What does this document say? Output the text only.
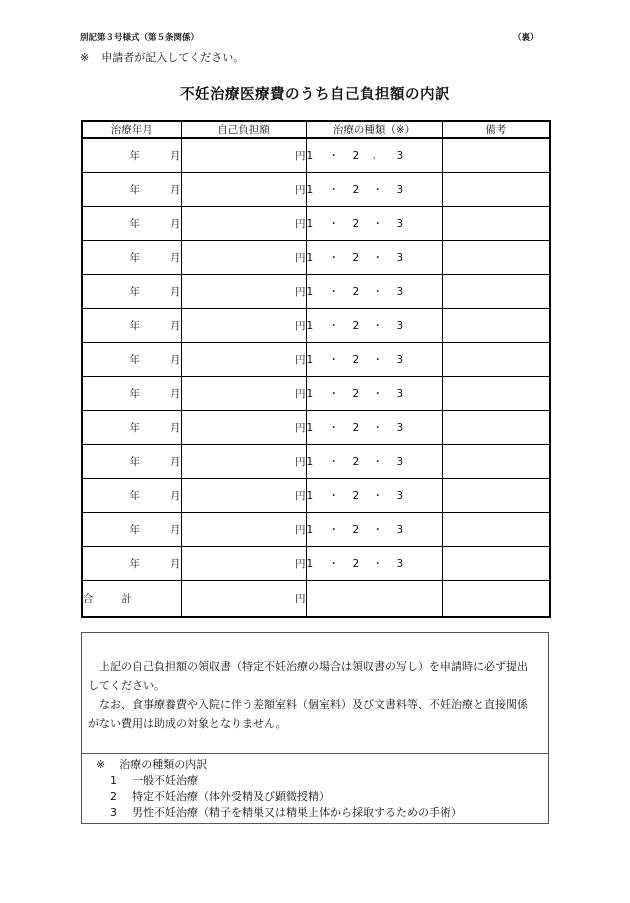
別記第３号様式（第５条関係）	（裏）
※ 申請者が記入してください。
不妊治療医療費のうち自己負担額の内訳
治療年月	自己負担額	治療の種類（※）	備考
年 月	円	1 ・ 2 . 3	
年 月	円	1 ・ 2 ・ 3	
年 月	円	1 ・ 2 ・ 3	
年 月	円	1 ・ 2 ・ 3	
年 月	円	1 ・ 2 ・ 3	
年 月	円	1 ・ 2 ・ 3	
年 月	円	1 ・ 2 ・ 3	
年 月	円	1 ・ 2 ・ 3	
年 月	円	1 ・ 2 ・ 3	
年 月	円	1 ・ 2 ・ 3	
年 月	円	1 ・ 2 ・ 3	
年 月	円	1 ・ 2 ・ 3	
年 月	円	1 ・ 2 ・ 3	
合 計	円		

上記の自己負担額の領収書（特定不妊治療の場合は領収書の写し）を申請時に必ず提出してください。

なお、食事療養費や入院に伴う差額室料（個室料）及び文書料等、不妊治療と直接関係がない費用は助成の対象となりません。

※ 治療の種類の内訳
1 一般不妊治療
2 特定不妊治療（体外受精及び顕微授精）
3 男性不妊治療（精子を精巣又は精巣上体から採取するための手術）
